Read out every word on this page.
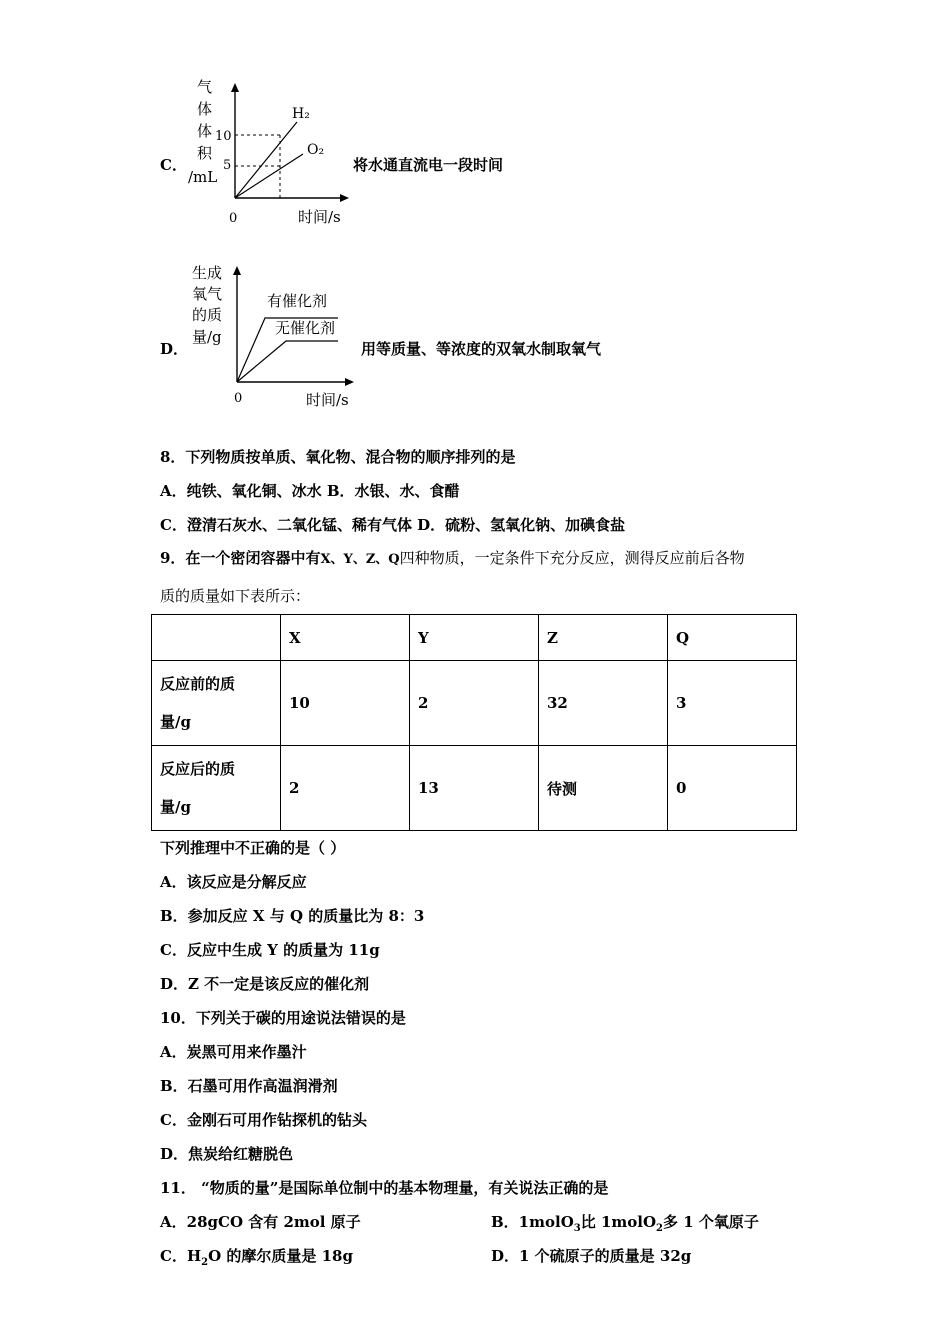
C．
气
体
体
积
/mL
10
5
0	时间/s
H₂
O₂
将水通直流电一段时间
D．
生成
氧气
的质
量/g
0	时间/s
有催化剂
无催化剂
用等质量、等浓度的双氧水制取氧气
8．下列物质按单质、氧化物、混合物的顺序排列的是
A．纯铁、氧化铜、冰水 B．水银、水、食醋
C．澄清石灰水、二氧化锰、稀有气体 D．硫粉、氢氧化钠、加碘食盐
9．在一个密闭容器中有X、Y、Z、Q四种物质，一定条件下充分反应，测得反应前后各物
质的质量如下表所示：
	X	Y	Z	Q
反应前的质
量/g	10	2	32	3
反应后的质
量/g	2	13	待测	0
下列推理中不正确的是（ ）
A．该反应是分解反应
B．参加反应 X 与 Q 的质量比为 8：3
C．反应中生成 Y 的质量为 11g
D．Z 不一定是该反应的催化剂
10．下列关于碳的用途说法错误的是
A．炭黑可用来作墨汁
B．石墨可用作高温润滑剂
C．金刚石可用作钻探机的钻头
D．焦炭给红糖脱色
11． “物质的量”是国际单位制中的基本物理量，有关说法正确的是
A．28gCO 含有 2mol 原子	B．1molO$_3$比 1molO$_2$多 1 个氧原子
C．$H_2O$ 的摩尔质量是 18g	D．1 个硫原子的质量是 32g
